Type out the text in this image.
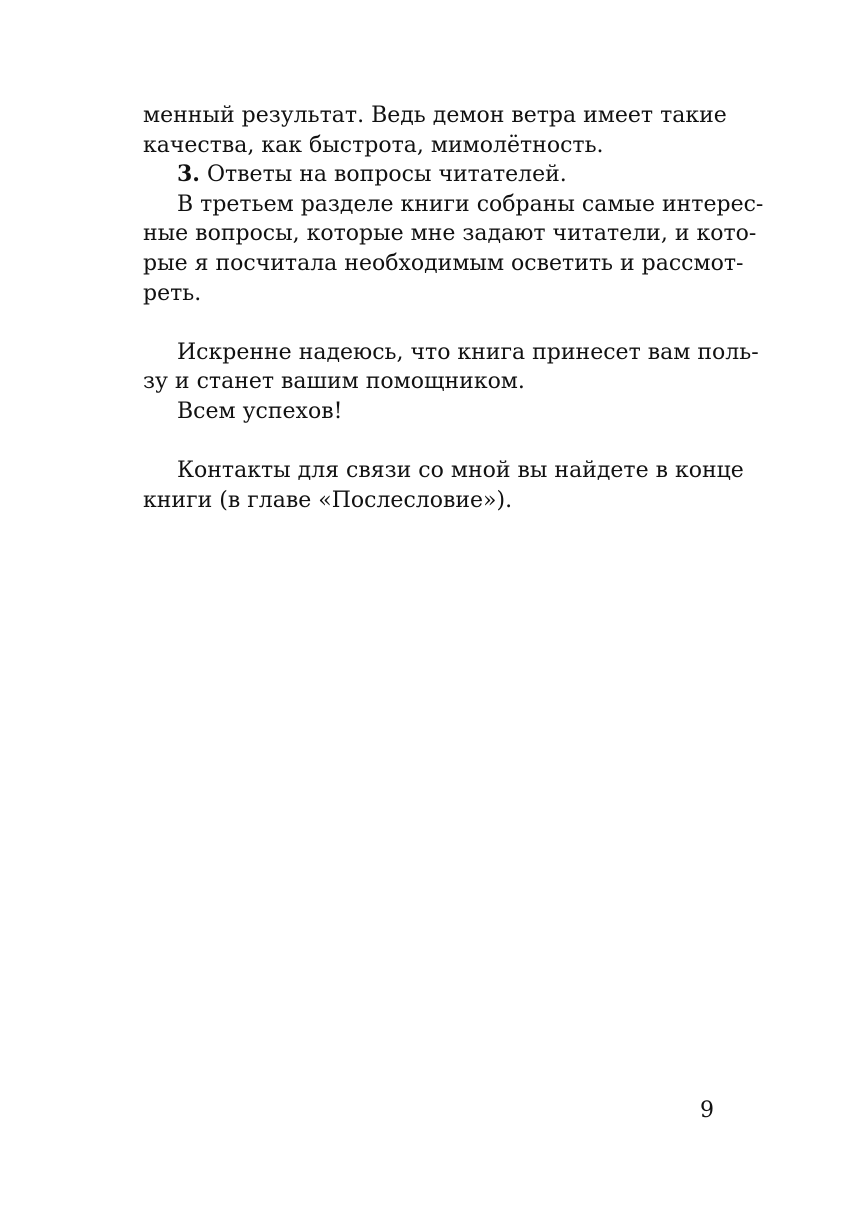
менный результат. Ведь демон ветра имеет такие
качества, как быстрота, мимолётность.
3. Ответы на вопросы читателей.
В третьем разделе книги собраны самые интерес-
ные вопросы, которые мне задают читатели, и кото-
рые я посчитала необходимым осветить и рассмот-
реть.
Искренне надеюсь, что книга принесет вам поль-
зу и станет вашим помощником.
Всем успехов!
Контакты для связи со мной вы найдете в конце
книги (в главе «Послесловие»).
9
